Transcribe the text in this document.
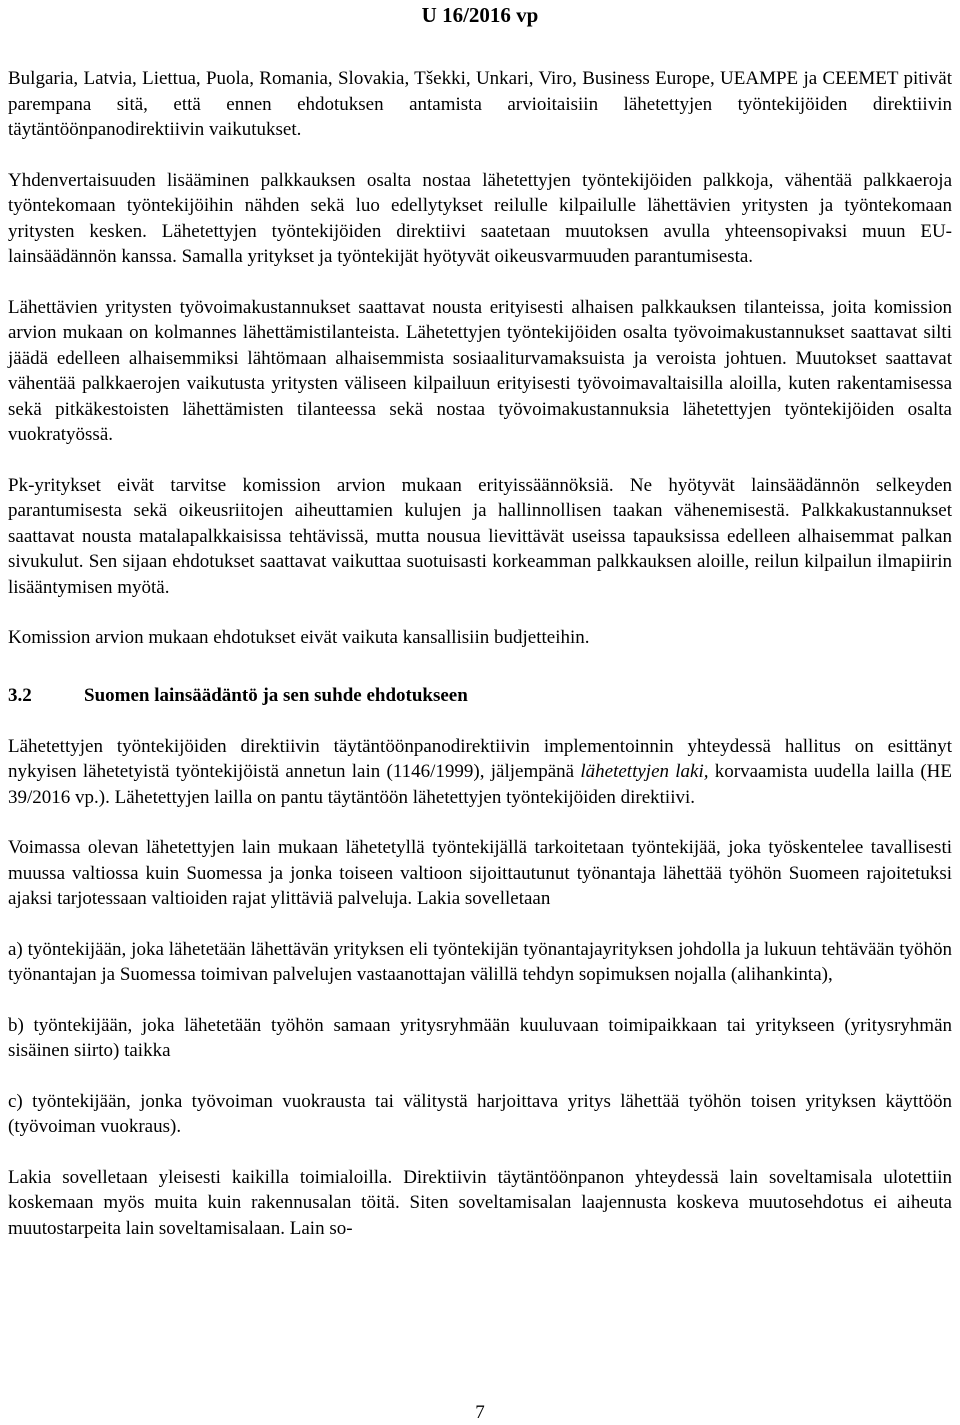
U 16/2016 vp

Bulgaria, Latvia, Liettua, Puola, Romania, Slovakia, Tšekki, Unkari, Viro, Business Europe, UEAMPE ja CEEMET pitivät parempana sitä, että ennen ehdotuksen antamista arvioitaisiin lähetettyjen työntekijöiden direktiivin täytäntöönpanodirektiivin vaikutukset.

Yhdenvertaisuuden lisääminen palkkauksen osalta nostaa lähetettyjen työntekijöiden palkkoja, vähentää palkkaeroja työntekomaan työntekijöihin nähden sekä luo edellytykset reilulle kilpailulle lähettävien yritysten ja työntekomaan yritysten kesken. Lähetettyjen työntekijöiden direktiivi saatetaan muutoksen avulla yhteensopivaksi muun EU-lainsäädännön kanssa. Samalla yritykset ja työntekijät hyötyvät oikeusvarmuuden parantumisesta.

Lähettävien yritysten työvoimakustannukset saattavat nousta erityisesti alhaisen palkkauksen tilanteissa, joita komission arvion mukaan on kolmannes lähettämistilanteista. Lähetettyjen työntekijöiden osalta työvoimakustannukset saattavat silti jäädä edelleen alhaisemmiksi lähtömaan alhaisemmista sosiaaliturvamaksuista ja veroista johtuen. Muutokset saattavat vähentää palkkaerojen vaikutusta yritysten väliseen kilpailuun erityisesti työvoimavaltaisilla aloilla, kuten rakentamisessa sekä pitkäkestoisten lähettämisten tilanteessa sekä nostaa työvoimakustannuksia lähetettyjen työntekijöiden osalta vuokratyössä.

Pk-yritykset eivät tarvitse komission arvion mukaan erityissäännöksiä. Ne hyötyvät lainsäädännön selkeyden parantumisesta sekä oikeusriitojen aiheuttamien kulujen ja hallinnollisen taakan vähenemisestä. Palkkakustannukset saattavat nousta matalapalkkaisissa tehtävissä, mutta nousua lievittävät useissa tapauksissa edelleen alhaisemmat palkan sivukulut. Sen sijaan ehdotukset saattavat vaikuttaa suotuisasti korkeamman palkkauksen aloille, reilun kilpailun ilmapiirin lisääntymisen myötä.

Komission arvion mukaan ehdotukset eivät vaikuta kansallisiin budjetteihin.

3.2	Suomen lainsäädäntö ja sen suhde ehdotukseen

Lähetettyjen työntekijöiden direktiivin täytäntöönpanodirektiivin implementoinnin yhteydessä hallitus on esittänyt nykyisen lähetetyistä työntekijöistä annetun lain (1146/1999), jäljempänä lähetettyjen laki, korvaamista uudella lailla (HE 39/2016 vp.). Lähetettyjen lailla on pantu täytäntöön lähetettyjen työntekijöiden direktiivi.

Voimassa olevan lähetettyjen lain mukaan lähetetyllä työntekijällä tarkoitetaan työntekijää, joka työskentelee tavallisesti muussa valtiossa kuin Suomessa ja jonka toiseen valtioon sijoittautunut työnantaja lähettää työhön Suomeen rajoitetuksi ajaksi tarjotessaan valtioiden rajat ylittäviä palveluja. Lakia sovelletaan

a) työntekijään, joka lähetetään lähettävän yrityksen eli työntekijän työnantajayrityksen johdolla ja lukuun tehtävään työhön työnantajan ja Suomessa toimivan palvelujen vastaanottajan välillä tehdyn sopimuksen nojalla (alihankinta),

b) työntekijään, joka lähetetään työhön samaan yritysryhmään kuuluvaan toimipaikkaan tai yritykseen (yritysryhmän sisäinen siirto) taikka

c) työntekijään, jonka työvoiman vuokrausta tai välitystä harjoittava yritys lähettää työhön toisen yrityksen käyttöön (työvoiman vuokraus).

Lakia sovelletaan yleisesti kaikilla toimialoilla. Direktiivin täytäntöönpanon yhteydessä lain soveltamisala ulotettiin koskemaan myös muita kuin rakennusalan töitä. Siten soveltamisalan laajennusta koskeva muutosehdotus ei aiheuta muutostarpeita lain soveltamisalaan. Lain so-

7
